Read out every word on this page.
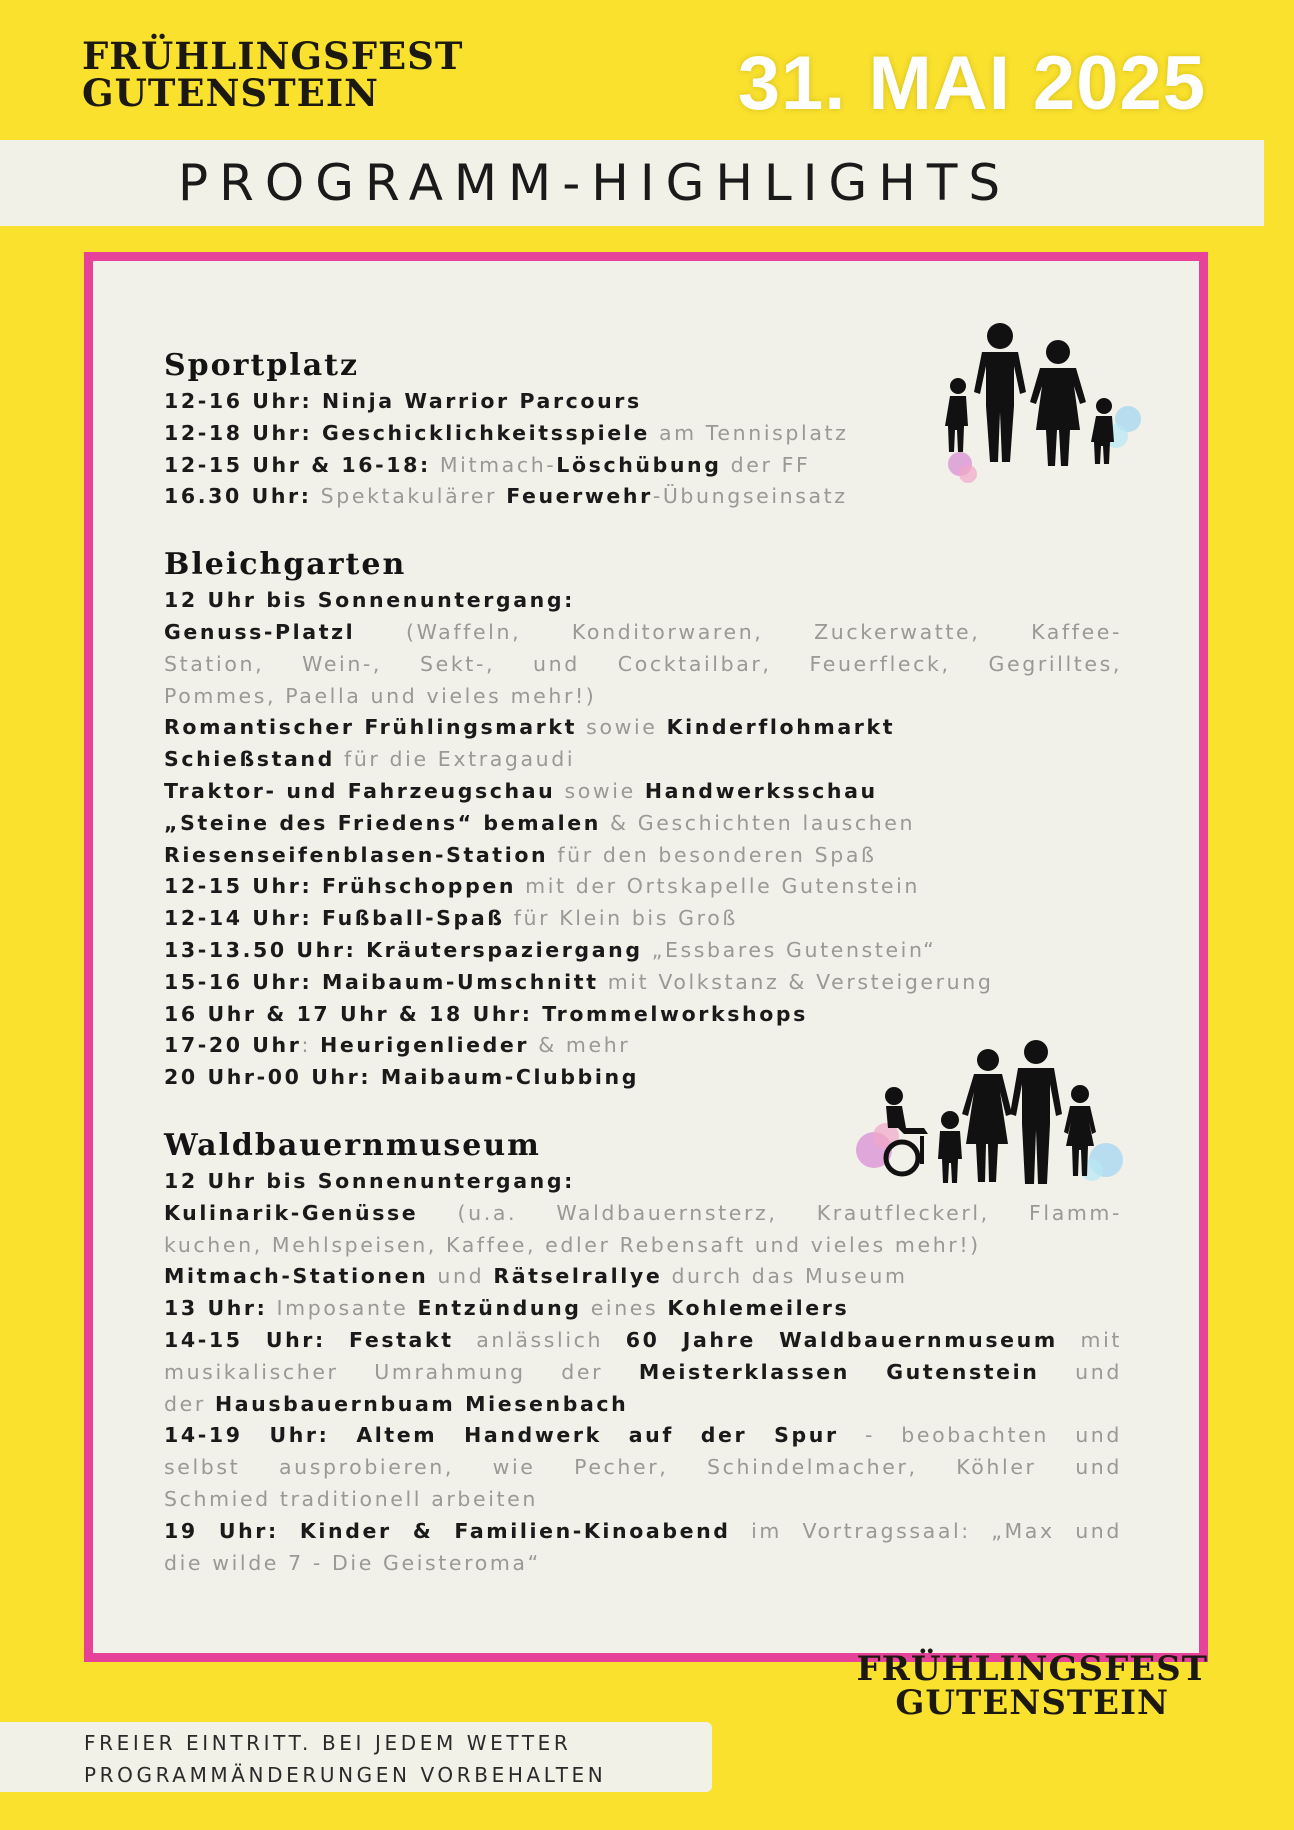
FRÜHLINGSFEST
GUTENSTEIN	31. MAI 2025
PROGRAMM-HIGHLIGHTS
Sportplatz
12-16 Uhr: Ninja Warrior Parcours
12-18 Uhr: Geschicklichkeitsspiele am Tennisplatz
12-15 Uhr & 16-18: Mitmach-Löschübung der FF
16.30 Uhr: Spektakulärer Feuerwehr-Übungseinsatz
Bleichgarten
12 Uhr bis Sonnenuntergang:
Genuss-Platzl (Waffeln, Konditorwaren, Zuckerwatte, Kaffee-
Station, Wein-, Sekt-, und Cocktailbar, Feuerfleck, Gegrilltes,
Pommes, Paella und vieles mehr!)
Romantischer Frühlingsmarkt sowie Kinderflohmarkt
Schießstand für die Extragaudi
Traktor- und Fahrzeugschau sowie Handwerksschau
„Steine des Friedens“ bemalen & Geschichten lauschen
Riesenseifenblasen-Station für den besonderen Spaß
12-15 Uhr: Frühschoppen mit der Ortskapelle Gutenstein
12-14 Uhr: Fußball-Spaß für Klein bis Groß
13-13.50 Uhr: Kräuterspaziergang „Essbares Gutenstein“
15-16 Uhr: Maibaum-Umschnitt mit Volkstanz & Versteigerung
16 Uhr & 17 Uhr & 18 Uhr: Trommelworkshops
17-20 Uhr: Heurigenlieder & mehr
20 Uhr-00 Uhr: Maibaum-Clubbing
Waldbauernmuseum
12 Uhr bis Sonnenuntergang:
Kulinarik-Genüsse (u.a. Waldbauernsterz, Krautfleckerl, Flamm-
kuchen, Mehlspeisen, Kaffee, edler Rebensaft und vieles mehr!)
Mitmach-Stationen und Rätselrallye durch das Museum
13 Uhr: Imposante Entzündung eines Kohlemeilers
14-15 Uhr: Festakt anlässlich 60 Jahre Waldbauernmuseum mit
musikalischer Umrahmung der Meisterklassen Gutenstein und
der Hausbauernbuam Miesenbach
14-19 Uhr: Altem Handwerk auf der Spur - beobachten und
selbst ausprobieren, wie Pecher, Schindelmacher, Köhler und
Schmied traditionell arbeiten
19 Uhr: Kinder & Familien-Kinoabend im Vortragssaal: „Max und
die wilde 7 - Die Geisteroma“
FREIER EINTRITT. BEI JEDEM WETTER
PROGRAMMÄNDERUNGEN VORBEHALTEN
FRÜHLINGSFEST
GUTENSTEIN
